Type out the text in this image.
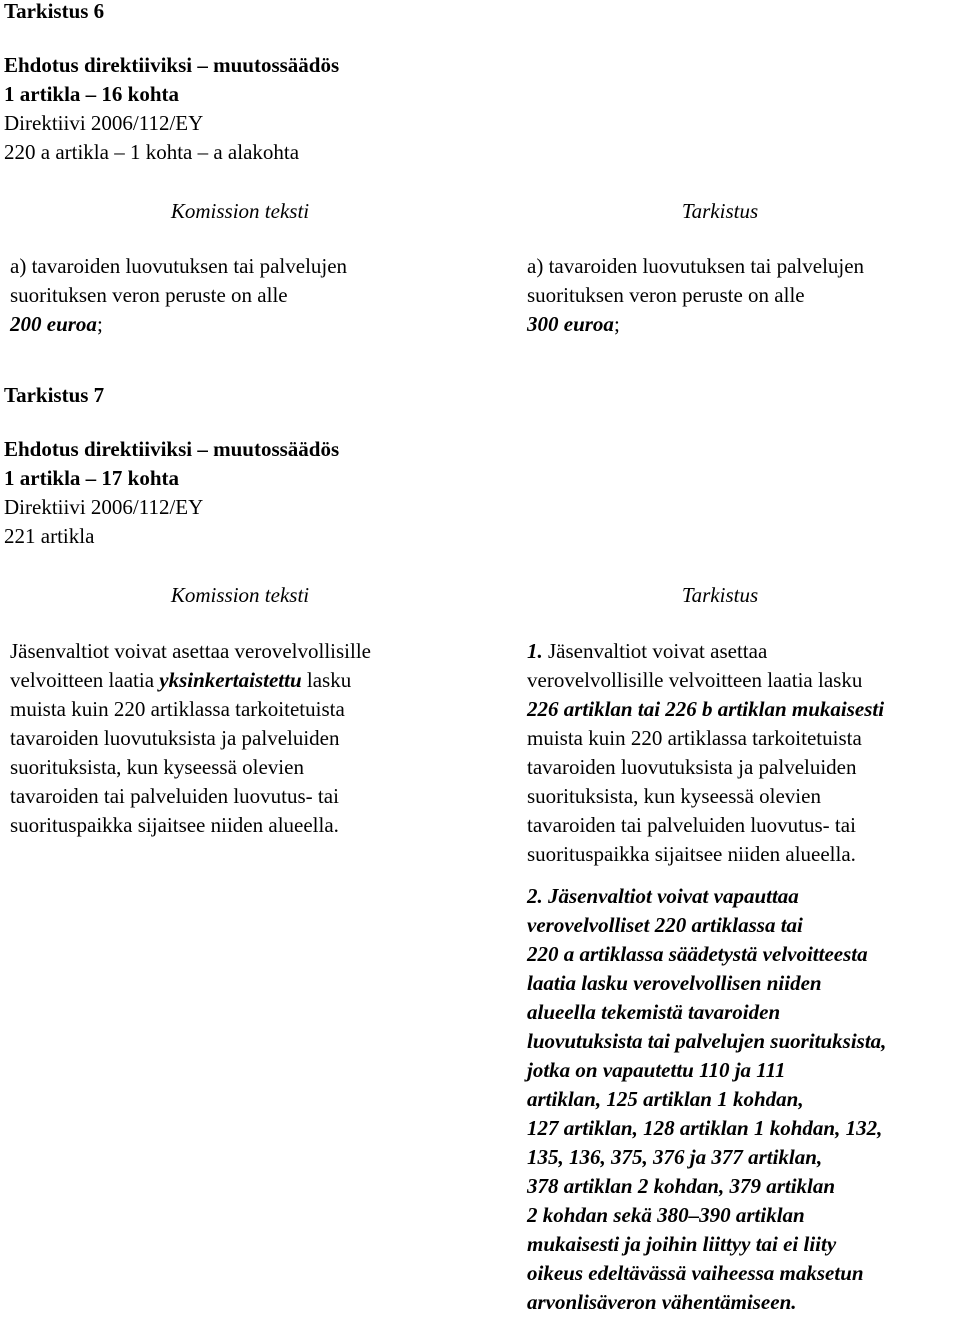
Tarkistus 6
Ehdotus direktiiviksi – muutossäädös
1 artikla – 16 kohta
Direktiivi 2006/112/EY
220 a artikla – 1 kohta – a alakohta
Komission teksti	Tarkistus
a) tavaroiden luovutuksen tai palvelujen
suorituksen veron peruste on alle
200 euroa;
a) tavaroiden luovutuksen tai palvelujen
suorituksen veron peruste on alle
300 euroa;
Tarkistus 7
Ehdotus direktiiviksi – muutossäädös
1 artikla – 17 kohta
Direktiivi 2006/112/EY
221 artikla
Komission teksti	Tarkistus
Jäsenvaltiot voivat asettaa verovelvollisille
velvoitteen laatia yksinkertaistettu lasku
muista kuin 220 artiklassa tarkoitetuista
tavaroiden luovutuksista ja palveluiden
suorituksista, kun kyseessä olevien
tavaroiden tai palveluiden luovutus- tai
suorituspaikka sijaitsee niiden alueella.
1. Jäsenvaltiot voivat asettaa
verovelvollisille velvoitteen laatia lasku
226 artiklan tai 226 b artiklan mukaisesti
muista kuin 220 artiklassa tarkoitetuista
tavaroiden luovutuksista ja palveluiden
suorituksista, kun kyseessä olevien
tavaroiden tai palveluiden luovutus- tai
suorituspaikka sijaitsee niiden alueella.
2. Jäsenvaltiot voivat vapauttaa
verovelvolliset 220 artiklassa tai
220 a artiklassa säädetystä velvoitteesta
laatia lasku verovelvollisen niiden
alueella tekemistä tavaroiden
luovutuksista tai palvelujen suorituksista,
jotka on vapautettu 110 ja 111
artiklan, 125 artiklan 1 kohdan,
127 artiklan, 128 artiklan 1 kohdan, 132,
135, 136, 375, 376 ja 377 artiklan,
378 artiklan 2 kohdan, 379 artiklan
2 kohdan sekä 380–390 artiklan
mukaisesti ja joihin liittyy tai ei liity
oikeus edeltävässä vaiheessa maksetun
arvonlisäveron vähentämiseen.
